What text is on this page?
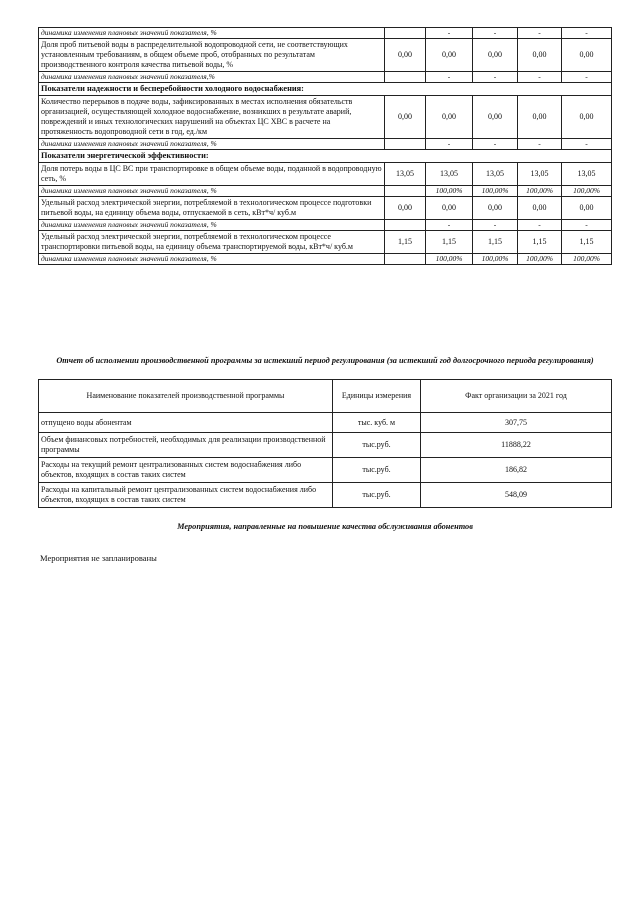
динамика изменения плановых значений показателя, %		-	-	-	-
Доля проб питьевой воды в распределительной водопроводной сети, не соответствующих установленным требованиям, в общем объеме проб, отобранных по результатам производственного контроля качества питьевой воды, %	0,00	0,00	0,00	0,00	0,00
динамика изменения плановых значений показателя,%		-	-	-	-
Показатели надежности и бесперебойности холодного водоснабжения:					
Количество перерывов в подаче воды, зафиксированных в местах исполнения обязательств организацией, осуществляющей холодное водоснабжение, возникших в результате аварий, повреждений и иных технологических нарушений на объектах ЦС ХВС в расчете на протяженность водопроводной сети в год, ед./км	0,00	0,00	0,00	0,00	0,00
динамика изменения плановых значений показателя, %		-	-	-	-
Показатели энергетической эффективности:					
Доля потерь воды в ЦС ВС при транспортировке в общем объеме воды, поданной в водопроводную сеть, %	13,05	13,05	13,05	13,05	13,05
динамика изменения плановых значений показателя, %		100,00%	100,00%	100,00%	100,00%
Удельный расход электрической энергии, потребляемой в технологическом процессе подготовки питьевой воды, на единицу объема воды, отпускаемой в сеть, кВт*ч/ куб.м	0,00	0,00	0,00	0,00	0,00
динамика изменения плановых значений показателя, %		-	-	-	-
Удельный расход электрической энергии, потребляемой в технологическом процессе транспортировки питьевой воды, на единицу объема транспортируемой воды, кВт*ч/ куб.м	1,15	1,15	1,15	1,15	1,15
динамика изменения плановых значений показателя, %		100,00%	100,00%	100,00%	100,00%
Отчет об исполнении производственной программы за истекший период регулирования (за истекший год долгосрочного периода регулирования)
Наименование показателей производственной программы	Единицы измерения	Факт организации за 2021 год
отпущено воды абонентам	тыс. куб. м	307,75
Объем финансовых потребностей, необходимых для реализации производственной программы	тыс.руб.	11888,22
Расходы на текущий ремонт централизованных систем водоснабжения либо объектов, входящих в состав таких систем	тыс.руб.	186,82
Расходы на капитальный ремонт централизованных систем водоснабжения либо объектов, входящих в состав таких систем	тыс.руб.	548,09
Мероприятия, направленные на повышение качества обслуживания абонентов
Мероприятия не запланированы
